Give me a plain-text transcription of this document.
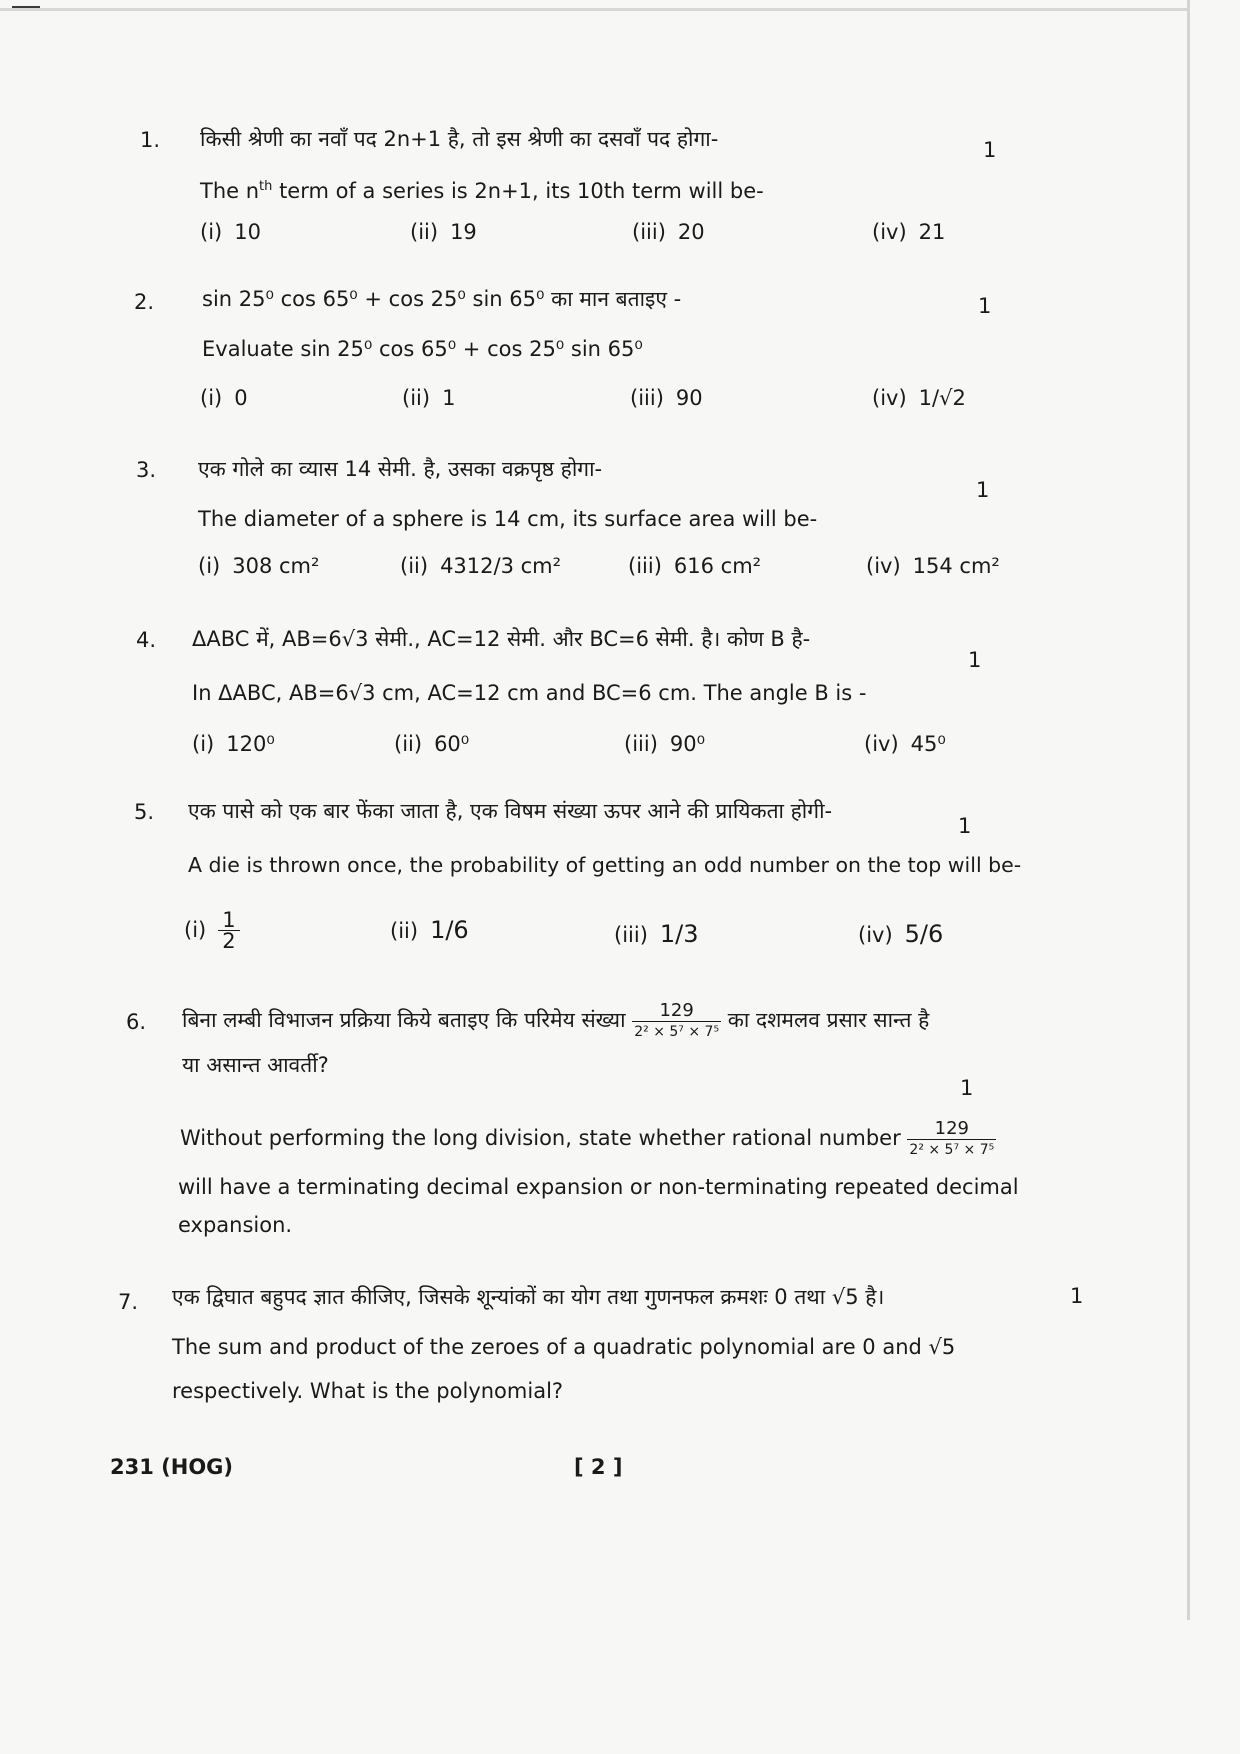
1. किसी श्रेणी का नवाँ पद 2n+1 है, तो इस श्रेणी का दसवाँ पद होगा-
The $n^{th}$ term of a series is 2n+1, its 10th term will be-
1
(i) 10	(ii) 19	(iii) 20	(iv) 21
2. sin 25⁰ cos 65⁰ + cos 25⁰ sin 65⁰ का मान बताइए -
Evaluate sin 25⁰ cos 65⁰ + cos 25⁰ sin 65⁰
1
(i) 0	(ii) 1	(iii) 90	(iv) 1/√2
3. एक गोले का व्यास 14 सेमी. है, उसका वक्रपृष्ठ होगा-
The diameter of a sphere is 14 cm, its surface area will be-
1
(i) 308 cm²	(ii) 4312/3 cm²	(iii) 616 cm²	(iv) 154 cm²
4. ΔABC में, AB=6√3 सेमी., AC=12 सेमी. और BC=6 सेमी. है। कोण B है-
In ΔABC, AB=6√3 cm, AC=12 cm and BC=6 cm. The angle B is -
1
(i) 120⁰	(ii) 60⁰	(iii) 90⁰	(iv) 45⁰
5. एक पासे को एक बार फेंका जाता है, एक विषम संख्या ऊपर आने की प्रायिकता होगी-
A die is thrown once, the probability of getting an odd number on the top will be-
1
$(i) \frac{1}{2}$	(ii) 1/6	(iii) 1/3	(iv) 5/6
6. बिना लम्बी विभाजन प्रक्रिया किये बताइए कि परिमेय संख्या $\frac{129}{\text{2² × 5⁷ × 7⁵}}$ का दशमलव प्रसार सान्त है
या असान्त आवर्ती?
1
Without performing the long division, state whether rational number $\frac{129}{\text{2² × 5⁷ × 7⁵}}$
will have a terminating decimal expansion or non-terminating repeated decimal
expansion.
7. एक द्विघात बहुपद ज्ञात कीजिए, जिसके शून्यांकों का योग तथा गुणनफल क्रमशः 0 तथा √5 है।	1
The sum and product of the zeroes of a quadratic polynomial are 0 and √5
respectively. What is the polynomial?
231 (HOG)	[ 2 ]
